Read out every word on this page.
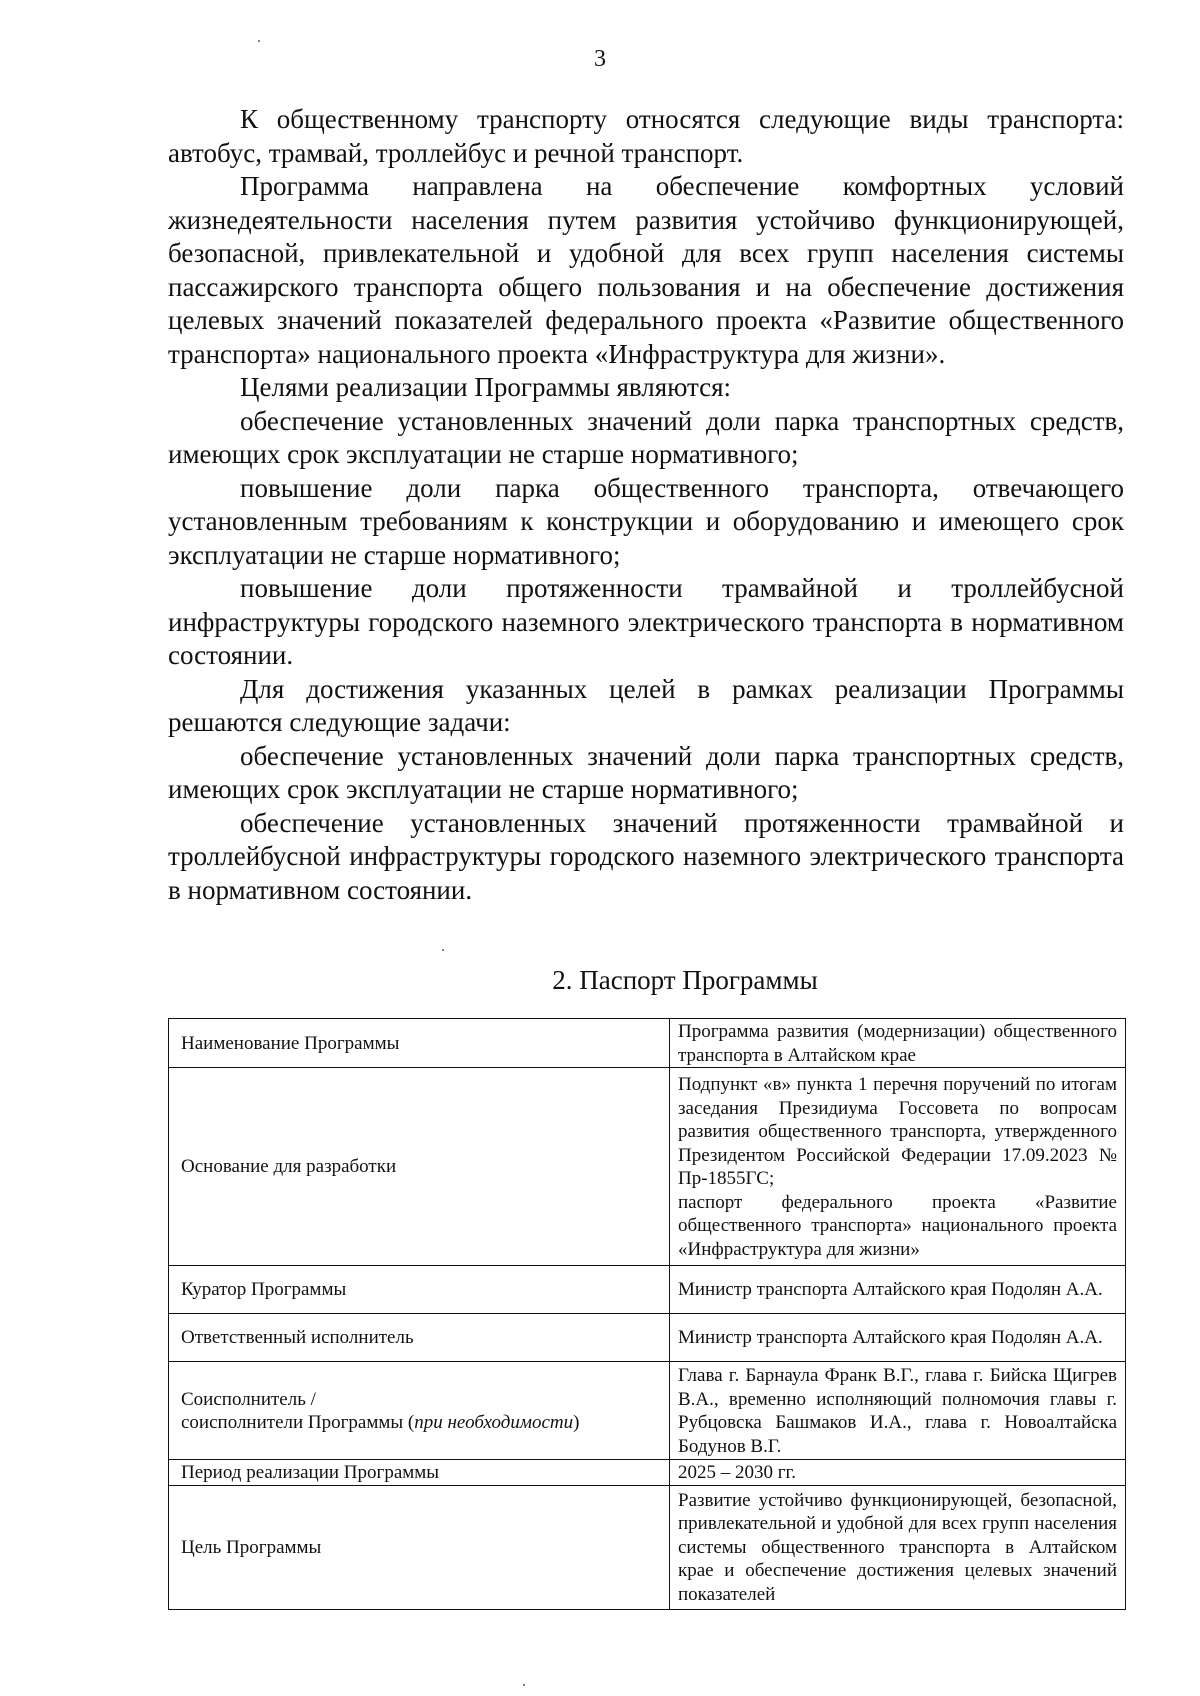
3

К общественному транспорту относятся следующие виды транспорта: автобус, трамвай, троллейбус и речной транспорт.

Программа направлена на обеспечение комфортных условий жизнедеятельности населения путем развития устойчиво функционирующей, безопасной, привлекательной и удобной для всех групп населения системы пассажирского транспорта общего пользования и на обеспечение достижения целевых значений показателей федерального проекта «Развитие общественного транспорта» национального проекта «Инфраструктура для жизни».

Целями реализации Программы являются:

обеспечение установленных значений доли парка транспортных средств, имеющих срок эксплуатации не старше нормативного;

повышение доли парка общественного транспорта, отвечающего установленным требованиям к конструкции и оборудованию и имеющего срок эксплуатации не старше нормативного;

повышение доли протяженности трамвайной и троллейбусной инфраструктуры городского наземного электрического транспорта в нормативном состоянии.

Для достижения указанных целей в рамках реализации Программы решаются следующие задачи:

обеспечение установленных значений доли парка транспортных средств, имеющих срок эксплуатации не старше нормативного;

обеспечение установленных значений протяженности трамвайной и троллейбусной инфраструктуры городского наземного электрического транспорта в нормативном состоянии.

2. Паспорт Программы
Наименование Программы	Программа развития (модернизации) общественного транспорта в Алтайском крае
Основание для разработки	Подпункт «в» пункта 1 перечня поручений по итогам заседания Президиума Госсовета по вопросам развития общественного транспорта, утвержденного Президентом Российской Федерации 17.09.2023 № Пр-1855ГС;
паспорт федерального проекта «Развитие общественного транспорта» национального проекта «Инфраструктура для жизни»

Куратор Программы	Министр транспорта Алтайского края Подолян А.А.
Ответственный исполнитель	Министр транспорта Алтайского края Подолян А.А.

Соисполнитель /
соисполнители Программы (при необходимости)	Глава г. Барнаула Франк В.Г., глава г. Бийска Щигрев В.А., временно исполняющий полномочия главы г. Рубцовска Башмаков И.А., глава г. Новоалтайска Бодунов В.Г.
Период реализации Программы	2025 – 2030 гг.
Цель Программы	Развитие устойчиво функционирующей, безопасной, привлекательной и удобной для всех групп населения системы общественного транспорта в Алтайском крае и обеспечение достижения целевых значений показателей
